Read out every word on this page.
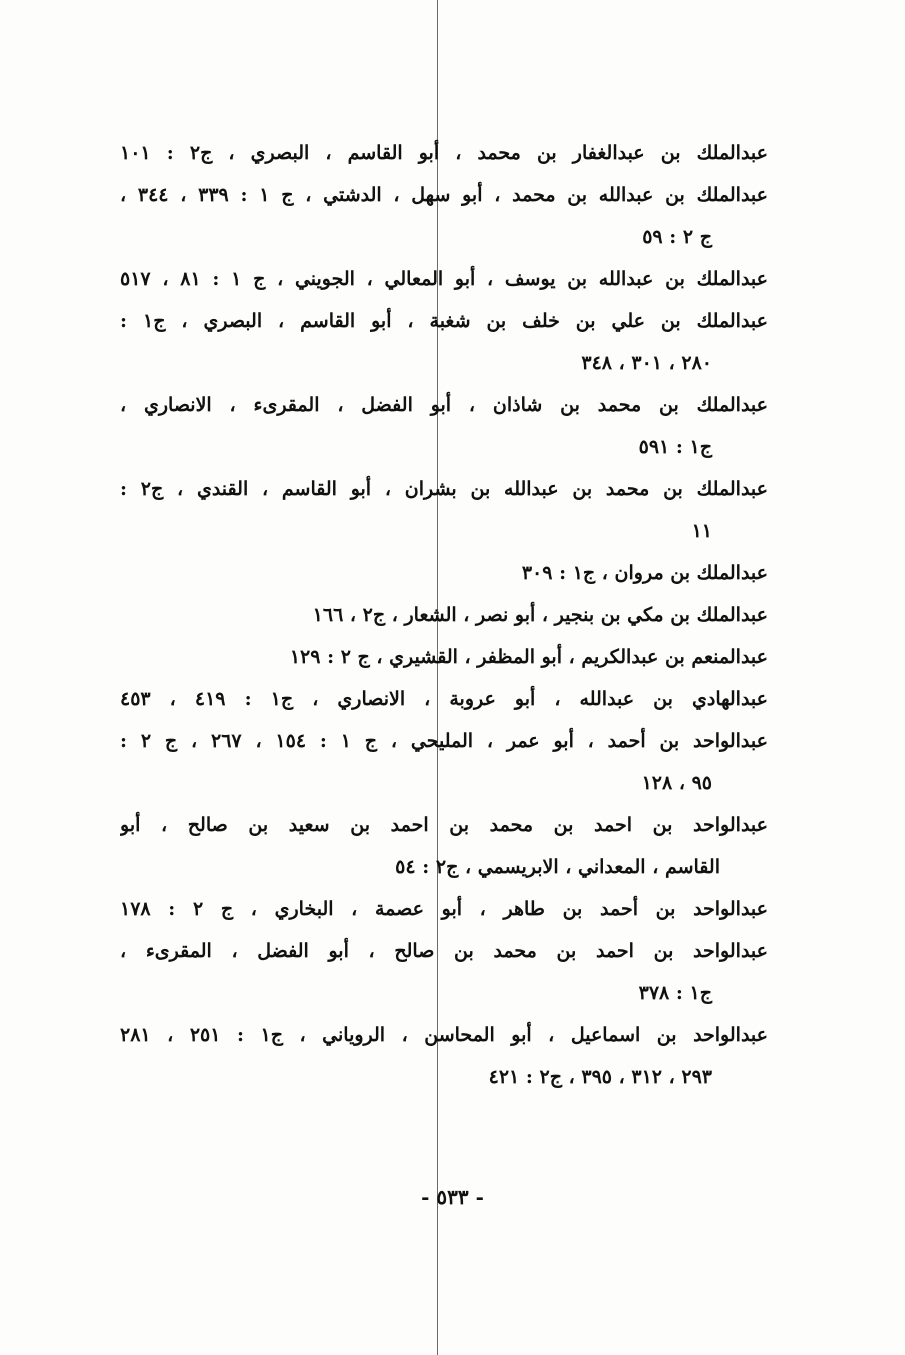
عبدالملك بن عبدالغفار بن محمد ، أبو القاسم ، البصري ، ج٢ : ١٠١

عبدالملك بن عبدالله بن محمد ، أبو سهل ، الدشتي ، ج ١ : ٣٣٩ ، ٣٤٤ ،
ج ٢ : ٥٩

عبدالملك بن عبدالله بن يوسف ، أبو المعالي ، الجويني ، ج ١ : ٨١ ، ٥١٧

عبدالملك بن علي بن خلف بن شغبة ، أبو القاسم ، البصري ، ج١ :
٢٨٠ ، ٣٠١ ، ٣٤٨

عبدالملك بن محمد بن شاذان ، أبو الفضل ، المقرىء ، الانصاري ،
ج١ : ٥٩١

عبدالملك بن محمد بن عبدالله بن بشران ، أبو القاسم ، القندي ، ج٢ :
١١

عبدالملك بن مروان ، ج١ : ٣٠٩

عبدالملك بن مكي بن بنجير ، أبو نصر ، الشعار ، ج٢ ، ١٦٦

عبدالمنعم بن عبدالكريم ، أبو المظفر ، القشيري ، ج ٢ : ١٢٩

عبدالهادي بن عبدالله ، أبو عروبة ، الانصاري ، ج١ : ٤١٩ ، ٤٥٣

عبدالواحد بن أحمد ، أبو عمر ، المليحي ، ج ١ : ١٥٤ ، ٢٦٧ ، ج ٢ :
٩٥ ، ١٢٨

عبدالواحد بن احمد بن محمد بن احمد بن سعيد بن صالح ، أبو
القاسم ، المعداني ، الابريسمي ، ج٢ : ٥٤

عبدالواحد بن أحمد بن طاهر ، أبو عصمة ، البخاري ، ج ٢ : ١٧٨

عبدالواحد بن احمد بن محمد بن صالح ، أبو الفضل ، المقرىء ،
ج١ : ٣٧٨

عبدالواحد بن اسماعيل ، أبو المحاسن ، الروياني ، ج١ : ٢٥١ ، ٢٨١
٢٩٣ ، ٣١٢ ، ٣٩٥ ، ج٢ : ٤٢١

- ٥٣٣ -
